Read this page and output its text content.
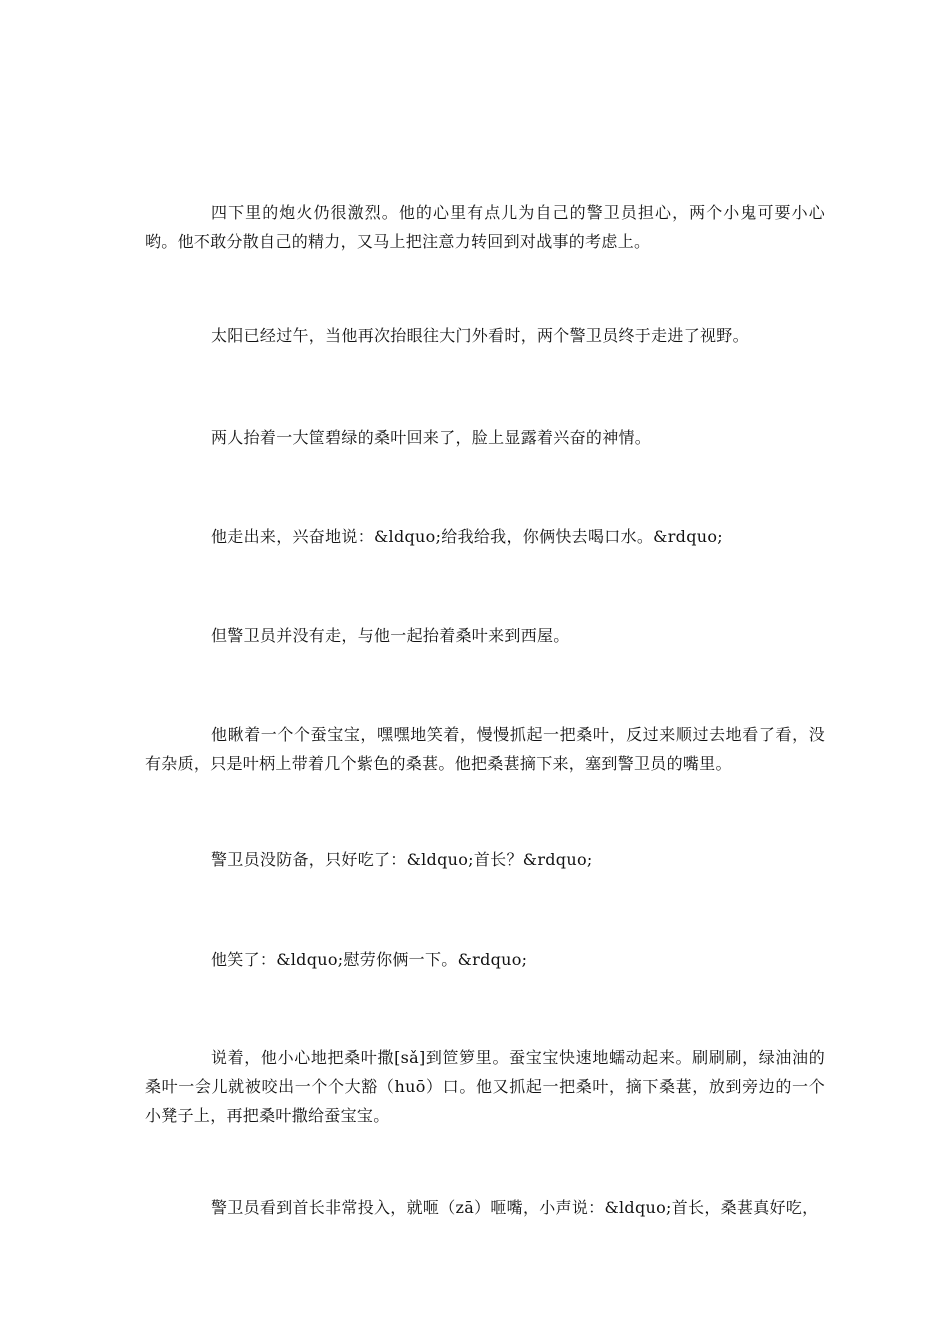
四下里的炮火仍很激烈。他的心里有点儿为自己的警卫员担心，两个小鬼可要小心哟。他不敢分散自己的精力，又马上把注意力转回到对战事的考虑上。

太阳已经过午，当他再次抬眼往大门外看时，两个警卫员终于走进了视野。

两人抬着一大筐碧绿的桑叶回来了，脸上显露着兴奋的神情。

他走出来，兴奋地说：&ldquo;给我给我，你俩快去喝口水。&rdquo;

但警卫员并没有走，与他一起抬着桑叶来到西屋。

他瞅着一个个蚕宝宝，嘿嘿地笑着，慢慢抓起一把桑叶，反过来顺过去地看了看，没有杂质，只是叶柄上带着几个紫色的桑葚。他把桑葚摘下来，塞到警卫员的嘴里。

警卫员没防备，只好吃了：&ldquo;首长？&rdquo;

他笑了：&ldquo;慰劳你俩一下。&rdquo;

说着，他小心地把桑叶撒[sǎ]到笸箩里。蚕宝宝快速地蠕动起来。刷刷刷，绿油油的桑叶一会儿就被咬出一个个大豁（huō）口。他又抓起一把桑叶，摘下桑葚，放到旁边的一个小凳子上，再把桑叶撒给蚕宝宝。

警卫员看到首长非常投入，就咂（zā）咂嘴，小声说：&ldquo;首长，桑葚真好吃，
